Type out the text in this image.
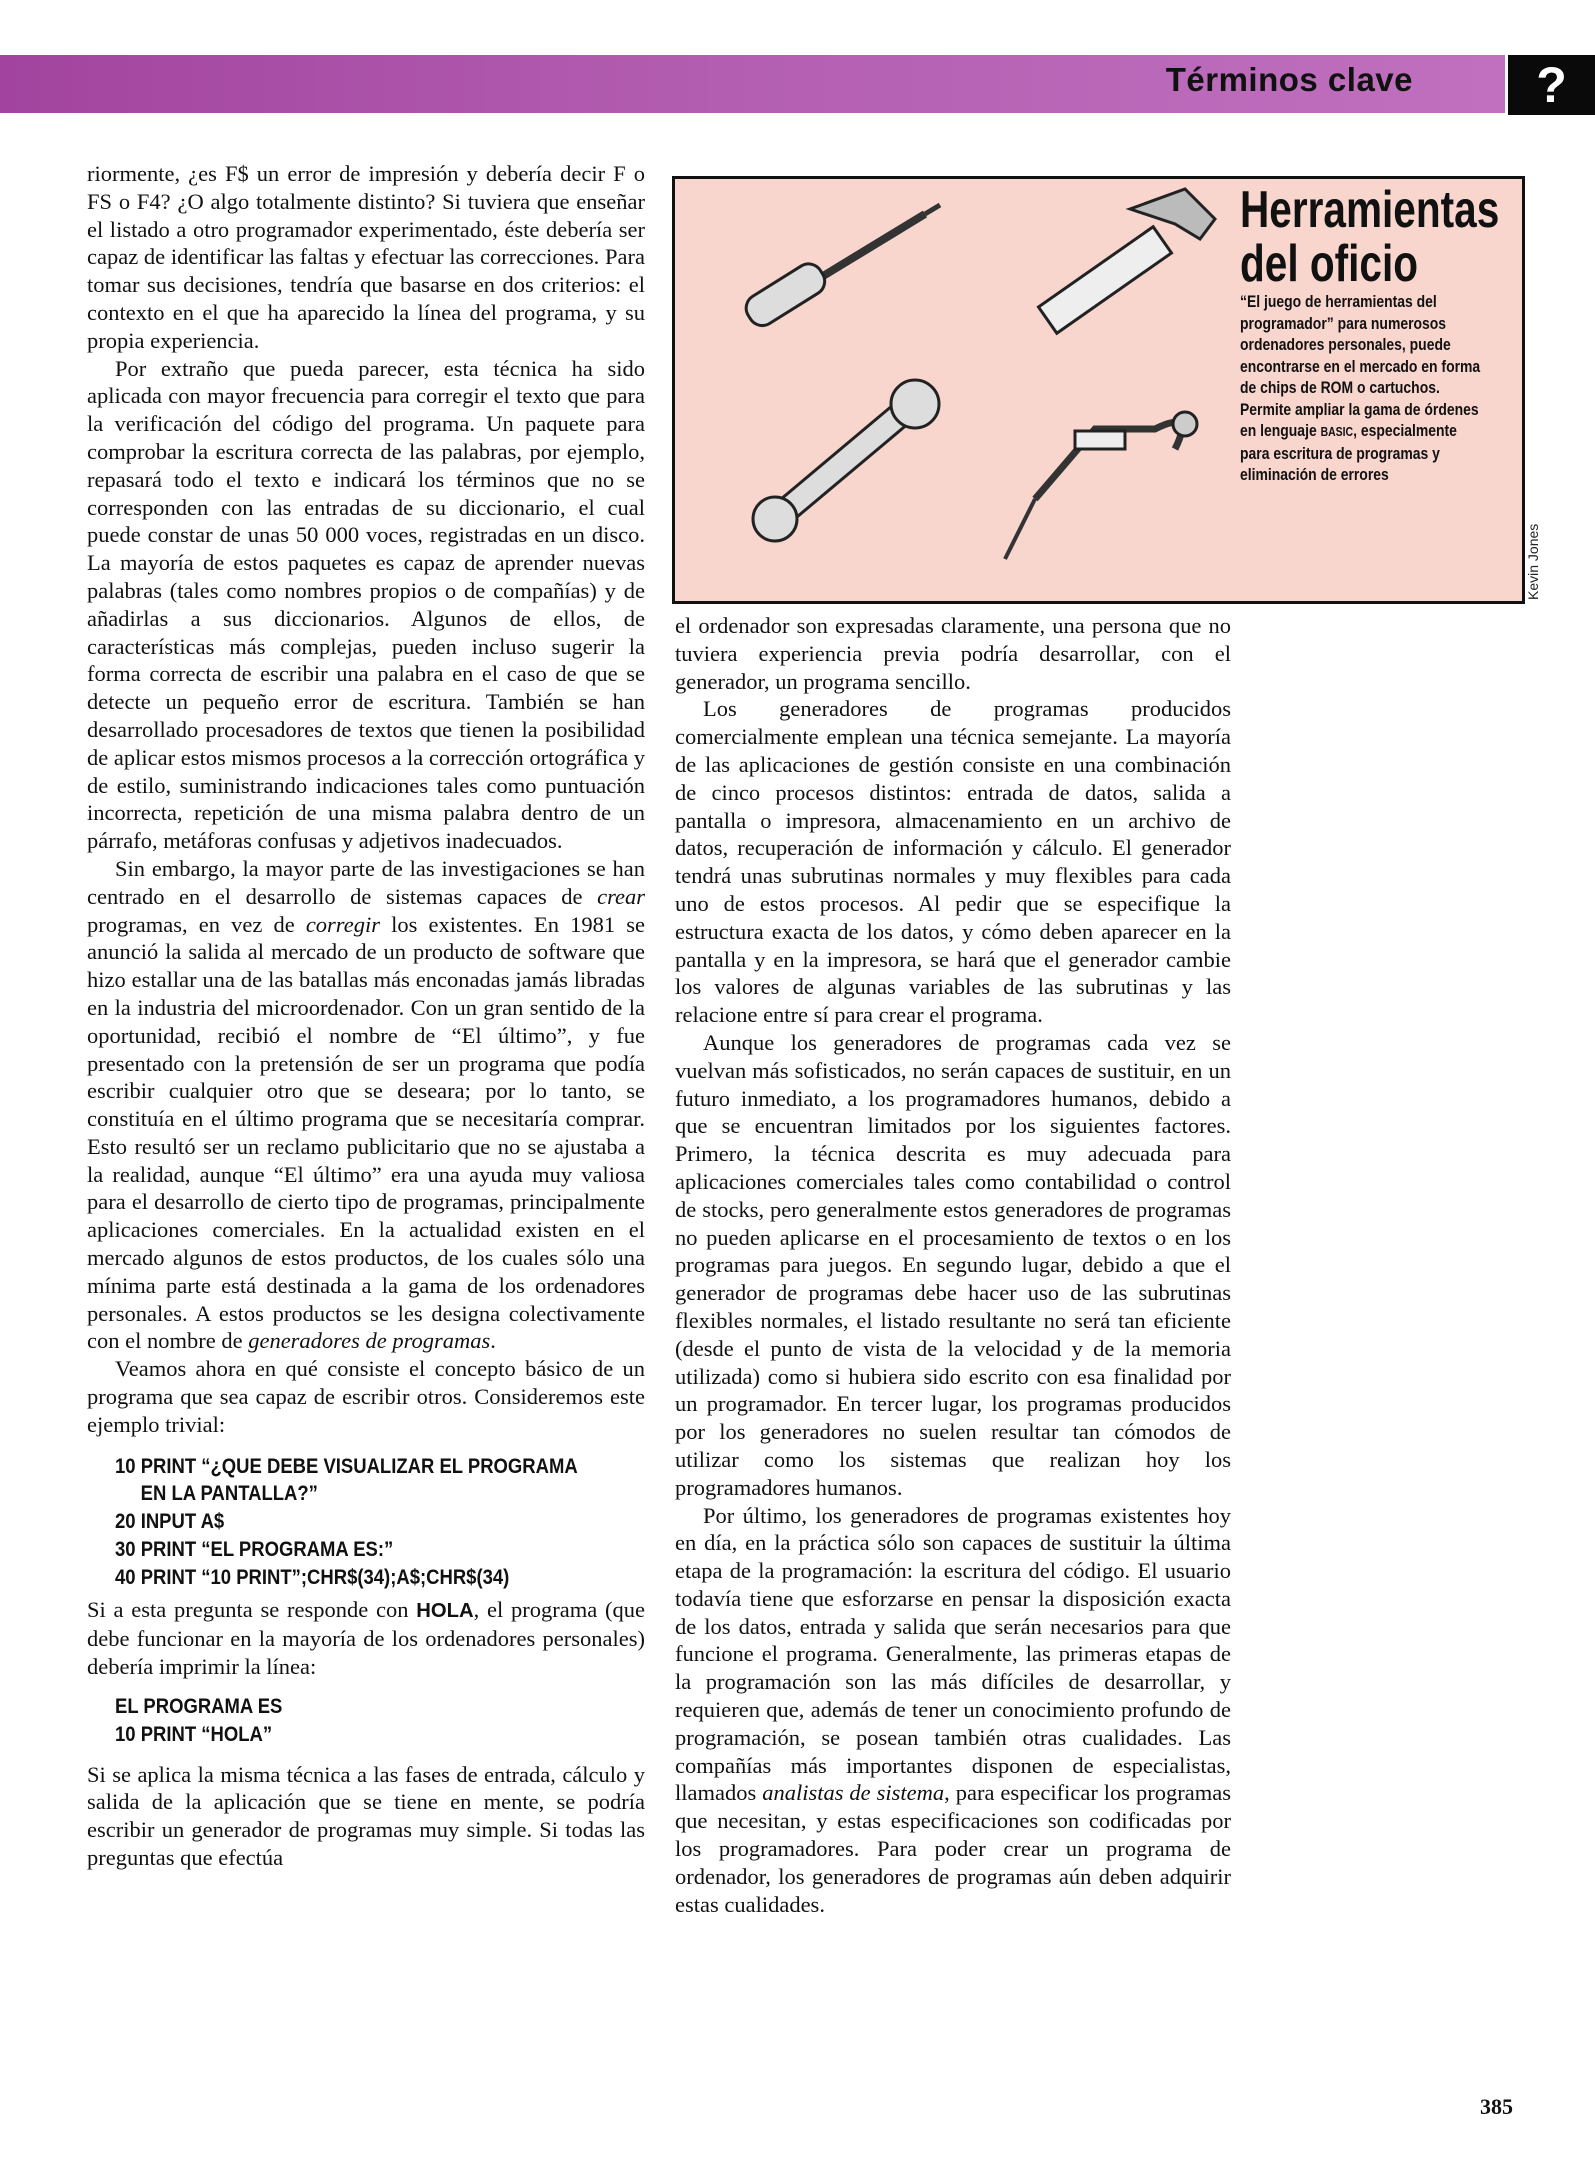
Términos clave	?

riormente, ¿es F$ un error de impresión y debería decir F o FS o F4? ¿O algo totalmente distinto? Si tuviera que enseñar el listado a otro programador experimentado, éste debería ser capaz de identificar las faltas y efectuar las correcciones. Para tomar sus decisiones, tendría que basarse en dos criterios: el contexto en el que ha aparecido la línea del programa, y su propia experiencia.

Por extraño que pueda parecer, esta técnica ha sido aplicada con mayor frecuencia para corregir el texto que para la verificación del código del programa. Un paquete para comprobar la escritura correcta de las palabras, por ejemplo, repasará todo el texto e indicará los términos que no se corresponden con las entradas de su diccionario, el cual puede constar de unas 50 000 voces, registradas en un disco. La mayoría de estos paquetes es capaz de aprender nuevas palabras (tales como nombres propios o de compañías) y de añadirlas a sus diccionarios. Algunos de ellos, de características más complejas, pueden incluso sugerir la forma correcta de escribir una palabra en el caso de que se detecte un pequeño error de escritura. También se han desarrollado procesadores de textos que tienen la posibilidad de aplicar estos mismos procesos a la corrección ortográfica y de estilo, suministrando indicaciones tales como puntuación incorrecta, repetición de una misma palabra dentro de un párrafo, metáforas confusas y adjetivos inadecuados.

Sin embargo, la mayor parte de las investigaciones se han centrado en el desarrollo de sistemas capaces de crear programas, en vez de corregir los existentes. En 1981 se anunció la salida al mercado de un producto de software que hizo estallar una de las batallas más enconadas jamás libradas en la industria del microordenador. Con un gran sentido de la oportunidad, recibió el nombre de “El último”, y fue presentado con la pretensión de ser un programa que podía escribir cualquier otro que se deseara; por lo tanto, se constituía en el último programa que se necesitaría comprar. Esto resultó ser un reclamo publicitario que no se ajustaba a la realidad, aunque “El último” era una ayuda muy valiosa para el desarrollo de cierto tipo de programas, principalmente aplicaciones comerciales. En la actualidad existen en el mercado algunos de estos productos, de los cuales sólo una mínima parte está destinada a la gama de los ordenadores personales. A estos productos se les designa colectivamente con el nombre de generadores de programas.

Veamos ahora en qué consiste el concepto básico de un programa que sea capaz de escribir otros. Consideremos este ejemplo trivial:

10 PRINT “¿QUE DEBE VISUALIZAR EL PROGRAMA
EN LA PANTALLA?”
20 INPUT A$
30 PRINT “EL PROGRAMA ES:”
40 PRINT “10 PRINT”;CHR$(34);A$;CHR$(34)

Si a esta pregunta se responde con HOLA, el programa (que debe funcionar en la mayoría de los ordenadores personales) debería imprimir la línea:

EL PROGRAMA ES
10 PRINT “HOLA”

Si se aplica la misma técnica a las fases de entrada, cálculo y salida de la aplicación que se tiene en mente, se podría escribir un generador de programas muy simple. Si todas las preguntas que efectúa

Herramientas
del oficio
“El juego de herramientas del programador” para numerosos ordenadores personales, puede encontrarse en el mercado en forma de chips de ROM o cartuchos. Permite ampliar la gama de órdenes en lenguaje BASIC, especialmente para escritura de programas y eliminación de errores
Kevin Jones

el ordenador son expresadas claramente, una persona que no tuviera experiencia previa podría desarrollar, con el generador, un programa sencillo.

Los generadores de programas producidos comercialmente emplean una técnica semejante. La mayoría de las aplicaciones de gestión consiste en una combinación de cinco procesos distintos: entrada de datos, salida a pantalla o impresora, almacenamiento en un archivo de datos, recuperación de información y cálculo. El generador tendrá unas subrutinas normales y muy flexibles para cada uno de estos procesos. Al pedir que se especifique la estructura exacta de los datos, y cómo deben aparecer en la pantalla y en la impresora, se hará que el generador cambie los valores de algunas variables de las subrutinas y las relacione entre sí para crear el programa.

Aunque los generadores de programas cada vez se vuelvan más sofisticados, no serán capaces de sustituir, en un futuro inmediato, a los programadores humanos, debido a que se encuentran limitados por los siguientes factores. Primero, la técnica descrita es muy adecuada para aplicaciones comerciales tales como contabilidad o control de stocks, pero generalmente estos generadores de programas no pueden aplicarse en el procesamiento de textos o en los programas para juegos. En segundo lugar, debido a que el generador de programas debe hacer uso de las subrutinas flexibles normales, el listado resultante no será tan eficiente (desde el punto de vista de la velocidad y de la memoria utilizada) como si hubiera sido escrito con esa finalidad por un programador. En tercer lugar, los programas producidos por los generadores no suelen resultar tan cómodos de utilizar como los sistemas que realizan hoy los programadores humanos.

Por último, los generadores de programas existentes hoy en día, en la práctica sólo son capaces de sustituir la última etapa de la programación: la escritura del código. El usuario todavía tiene que esforzarse en pensar la disposición exacta de los datos, entrada y salida que serán necesarios para que funcione el programa. Generalmente, las primeras etapas de la programación son las más difíciles de desarrollar, y requieren que, además de tener un conocimiento profundo de programación, se posean también otras cualidades. Las compañías más importantes disponen de especialistas, llamados analistas de sistema, para especificar los programas que necesitan, y estas especificaciones son codificadas por los programadores. Para poder crear un programa de ordenador, los generadores de programas aún deben adquirir estas cualidades.

385
